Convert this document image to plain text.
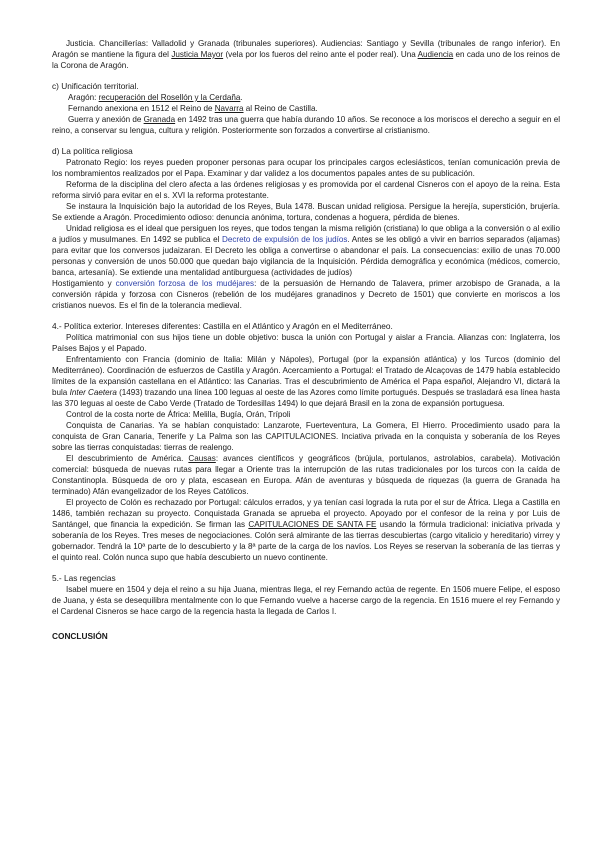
Justicia. Chancillerías: Valladolid y Granada (tribunales superiores). Audiencias: Santiago y Sevilla (tribunales de rango inferior). En Aragón se mantiene la figura del Justicia Mayor (vela por los fueros del reino ante el poder real). Una Audiencia en cada uno de los reinos de la Corona de Aragón.

c) Unificación territorial.

Aragón: recuperación del Rosellón y la Cerdaña.

Fernando anexiona en 1512 el Reino de Navarra al Reino de Castilla.

Guerra y anexión de Granada en 1492 tras una guerra que había durando 10 años. Se reconoce a los moriscos el derecho a seguir en el reino, a conservar su lengua, cultura y religión. Posteriormente son forzados a convertirse al cristianismo.

d) La política religiosa

Patronato Regio: los reyes pueden proponer personas para ocupar los principales cargos eclesiásticos, tenían comunicación previa de los nombramientos realizados por el Papa. Examinar y dar validez a los documentos papales antes de su publicación.

Reforma de la disciplina del clero afecta a las órdenes religiosas y es promovida por el cardenal Cisneros con el apoyo de la reina. Esta reforma sirvió para evitar en el s. XVI la reforma protestante.

Se instaura la Inquisición bajo la autoridad de los Reyes, Bula 1478. Buscan unidad religiosa. Persigue la herejía, superstición, brujería. Se extiende a Aragón. Procedimiento odioso: denuncia anónima, tortura, condenas a hoguera, pérdida de bienes.

Unidad religiosa es el ideal que persiguen los reyes, que todos tengan la misma religión (cristiana) lo que obliga a la conversión o al exilio a judíos y musulmanes. En 1492 se publica el Decreto de expulsión de los judíos. Antes se les obligó a vivir en barrios separados (aljamas) para evitar que los conversos judaizaran. El Decreto les obliga a convertirse o abandonar el país. La consecuencias: exilio de unas 70.000 personas y conversión de unos 50.000 que quedan bajo vigilancia de la Inquisición. Pérdida demográfica y económica (médicos, comercio, banca, artesanía). Se extiende una mentalidad antiburguesa (actividades de judíos)

Hostigamiento y conversión forzosa de los mudéjares: de la persuasión de Hernando de Talavera, primer arzobispo de Granada, a la conversión rápida y forzosa con Cisneros (rebelión de los mudéjares granadinos y Decreto de 1501) que convierte en moriscos a los cristianos nuevos. Es el fin de la tolerancia medieval.

4.- Política exterior. Intereses diferentes: Castilla en el Atlántico y Aragón en el Mediterráneo.

Política matrimonial con sus hijos tiene un doble objetivo: busca la unión con Portugal y aislar a Francia. Alianzas con: Inglaterra, los Países Bajos y el Papado.

Enfrentamiento con Francia (dominio de Italia: Milán y Nápoles), Portugal (por la expansión atlántica) y los Turcos (dominio del Mediterráneo). Coordinación de esfuerzos de Castilla y Aragón. Acercamiento a Portugal: el Tratado de Alcaçovas de 1479 había establecido límites de la expansión castellana en el Atlántico: las Canarias. Tras el descubrimiento de América el Papa español, Alejandro VI, dictará la bula Inter Caetera (1493) trazando una línea 100 leguas al oeste de las Azores como límite portugués. Después se trasladará esa línea hasta las 370 leguas al oeste de Cabo Verde (Tratado de Tordesillas 1494) lo que dejará Brasil en la zona de expansión portuguesa.

Control de la costa norte de África: Melilla, Bugía, Orán, Trípoli

Conquista de Canarias. Ya se habían conquistado: Lanzarote, Fuerteventura, La Gomera, El Hierro. Procedimiento usado para la conquista de Gran Canaria, Tenerife y La Palma son las CAPITULACIONES. Inciativa privada en la conquista y soberanía de los Reyes sobre las tierras conquistadas: tierras de realengo.

El descubrimiento de América. Causas: avances científicos y geográficos (brújula, portulanos, astrolabios, carabela). Motivación comercial: búsqueda de nuevas rutas para llegar a Oriente tras la interrupción de las rutas tradicionales por los turcos con la caída de Constantinopla. Búsqueda de oro y plata, escasean en Europa. Afán de aventuras y búsqueda de riquezas (la guerra de Granada ha terminado) Afán evangelizador de los Reyes Católicos.

El proyecto de Colón es rechazado por Portugal: cálculos errados, y ya tenían casi lograda la ruta por el sur de África. Llega a Castilla en 1486, también rechazan su proyecto. Conquistada Granada se aprueba el proyecto. Apoyado por el confesor de la reina y por Luis de Santángel, que financia la expedición. Se firman las CAPITULACIONES DE SANTA FE usando la fórmula tradicional: iniciativa privada y soberanía de los Reyes. Tres meses de negociaciones. Colón será almirante de las tierras descubiertas (cargo vitalicio y hereditario) virrey y gobernador. Tendrá la 10ª parte de lo descubierto y la 8ª parte de la carga de los navíos. Los Reyes se reservan la soberanía de las tierras y el quinto real. Colón nunca supo que había descubierto un nuevo continente.

5.- Las regencias

Isabel muere en 1504 y deja el reino a su hija Juana, mientras llega, el rey Fernando actúa de regente. En 1506 muere Felipe, el esposo de Juana, y ésta se desequilibra mentalmente con lo que Fernando vuelve a hacerse cargo de la regencia. En 1516 muere el rey Fernando y el Cardenal Cisneros se hace cargo de la regencia hasta la llegada de Carlos I.

CONCLUSIÓN
